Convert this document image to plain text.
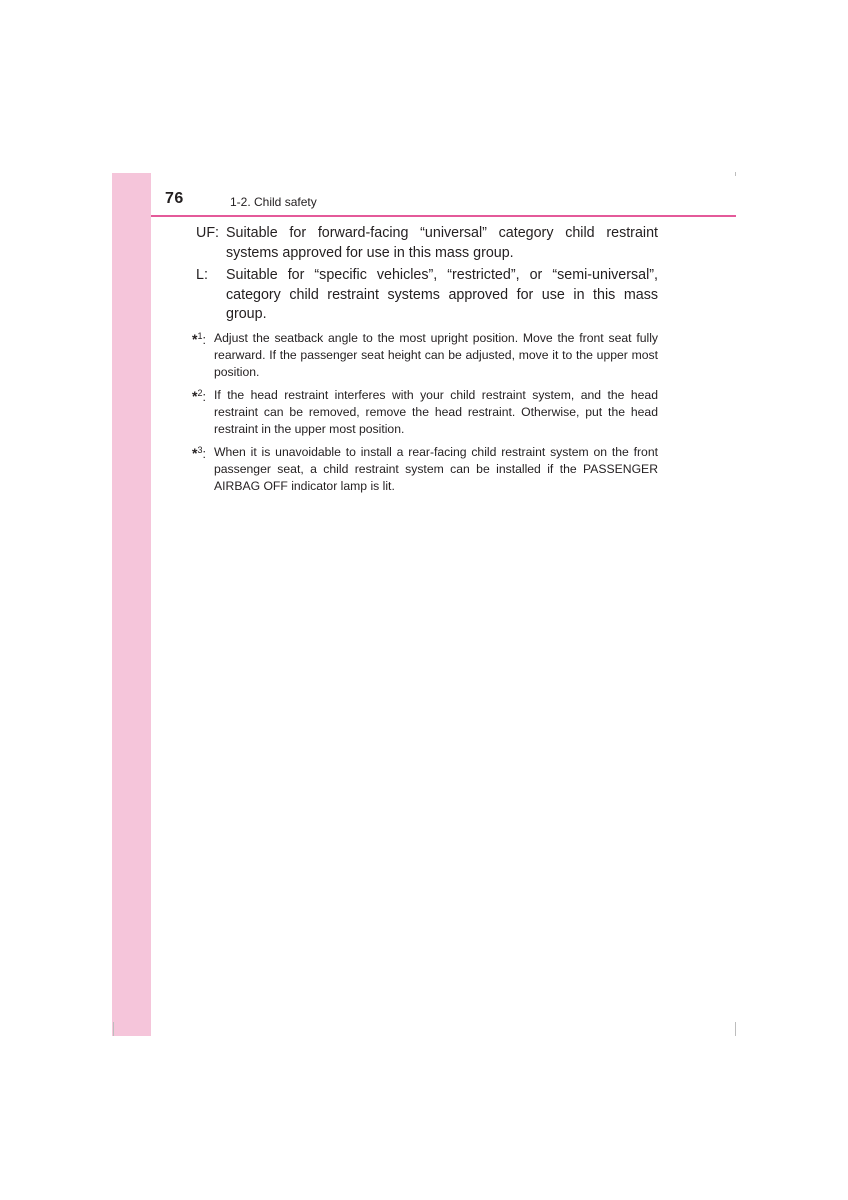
76	1-2. Child safety
UF: Suitable for forward-facing “universal” category child restraint systems approved for use in this mass group.
L: Suitable for “specific vehicles”, “restricted”, or “semi-universal”, category child restraint systems approved for use in this mass group.
*$^1$: Adjust the seatback angle to the most upright position. Move the front seat fully rearward. If the passenger seat height can be adjusted, move it to the upper most position.
*$^2$: If the head restraint interferes with your child restraint system, and the head restraint can be removed, remove the head restraint. Otherwise, put the head restraint in the upper most position.
*$^3$: When it is unavoidable to install a rear-facing child restraint system on the front passenger seat, a child restraint system can be installed if the PASSENGER AIRBAG OFF indicator lamp is lit.
